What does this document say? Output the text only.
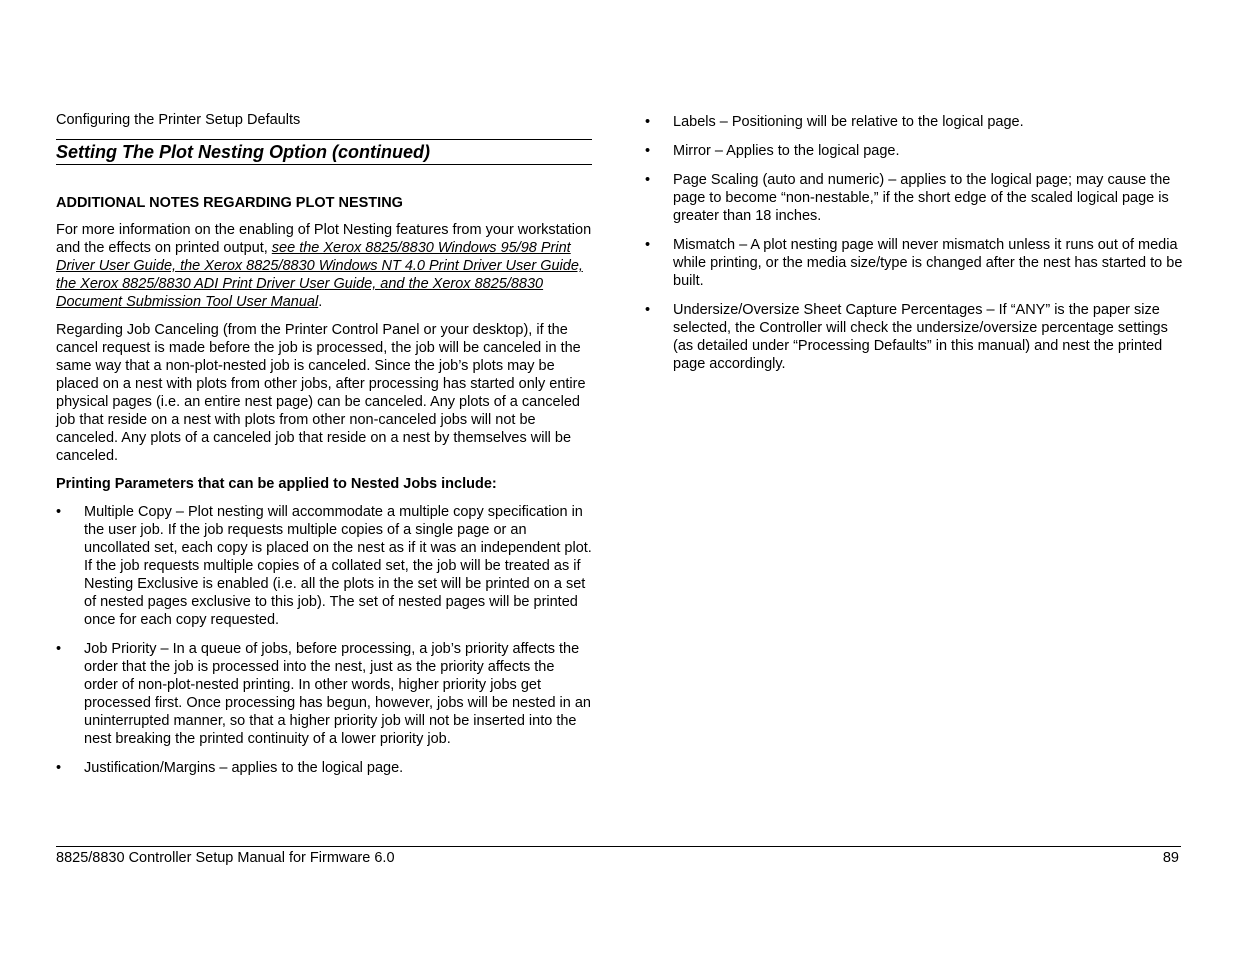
Configuring the Printer Setup Defaults

Setting The Plot Nesting Option (continued)
ADDITIONAL NOTES REGARDING PLOT NESTING

For more information on the enabling of Plot Nesting features from your workstation and the effects on printed output, see the Xerox 8825/8830 Windows 95/98 Print Driver User Guide, the Xerox 8825/8830 Windows NT 4.0 Print Driver User Guide, the Xerox 8825/8830 ADI Print Driver User Guide, and the Xerox 8825/8830 Document Submission Tool User Manual.

Regarding Job Canceling (from the Printer Control Panel or your desktop), if the cancel request is made before the job is processed, the job will be canceled in the same way that a non-plot-nested job is canceled. Since the job’s plots may be placed on a nest with plots from other jobs, after processing has started only entire physical pages (i.e. an entire nest page) can be canceled. Any plots of a canceled job that reside on a nest with plots from other non-canceled jobs will not be canceled. Any plots of a canceled job that reside on a nest by themselves will be canceled.

Printing Parameters that can be applied to Nested Jobs include:

•	Multiple Copy – Plot nesting will accommodate a multiple copy specification in the user job. If the job requests multiple copies of a single page or an uncollated set, each copy is placed on the nest as if it was an independent plot. If the job requests multiple copies of a collated set, the job will be treated as if Nesting Exclusive is enabled (i.e. all the plots in the set will be printed on a set of nested pages exclusive to this job). The set of nested pages will be printed once for each copy requested.
•	Job Priority – In a queue of jobs, before processing, a job’s priority affects the order that the job is processed into the nest, just as the priority affects the order of non-plot-nested printing. In other words, higher priority jobs get processed first. Once processing has begun, however, jobs will be nested in an uninterrupted manner, so that a higher priority job will not be inserted into the nest breaking the printed continuity of a lower priority job.
•	Justification/Margins – applies to the logical page.
•	Labels – Positioning will be relative to the logical page.
•	Mirror – Applies to the logical page.
•	Page Scaling (auto and numeric) – applies to the logical page; may cause the page to become “non-nestable,” if the short edge of the scaled logical page is greater than 18 inches.
•	Mismatch – A plot nesting page will never mismatch unless it runs out of media while printing, or the media size/type is changed after the nest has started to be built.
•	Undersize/Oversize Sheet Capture Percentages – If “ANY” is the paper size selected, the Controller will check the undersize/oversize percentage settings (as detailed under “Processing Defaults” in this manual) and nest the printed page accordingly.

8825/8830 Controller Setup Manual for Firmware 6.0	89
